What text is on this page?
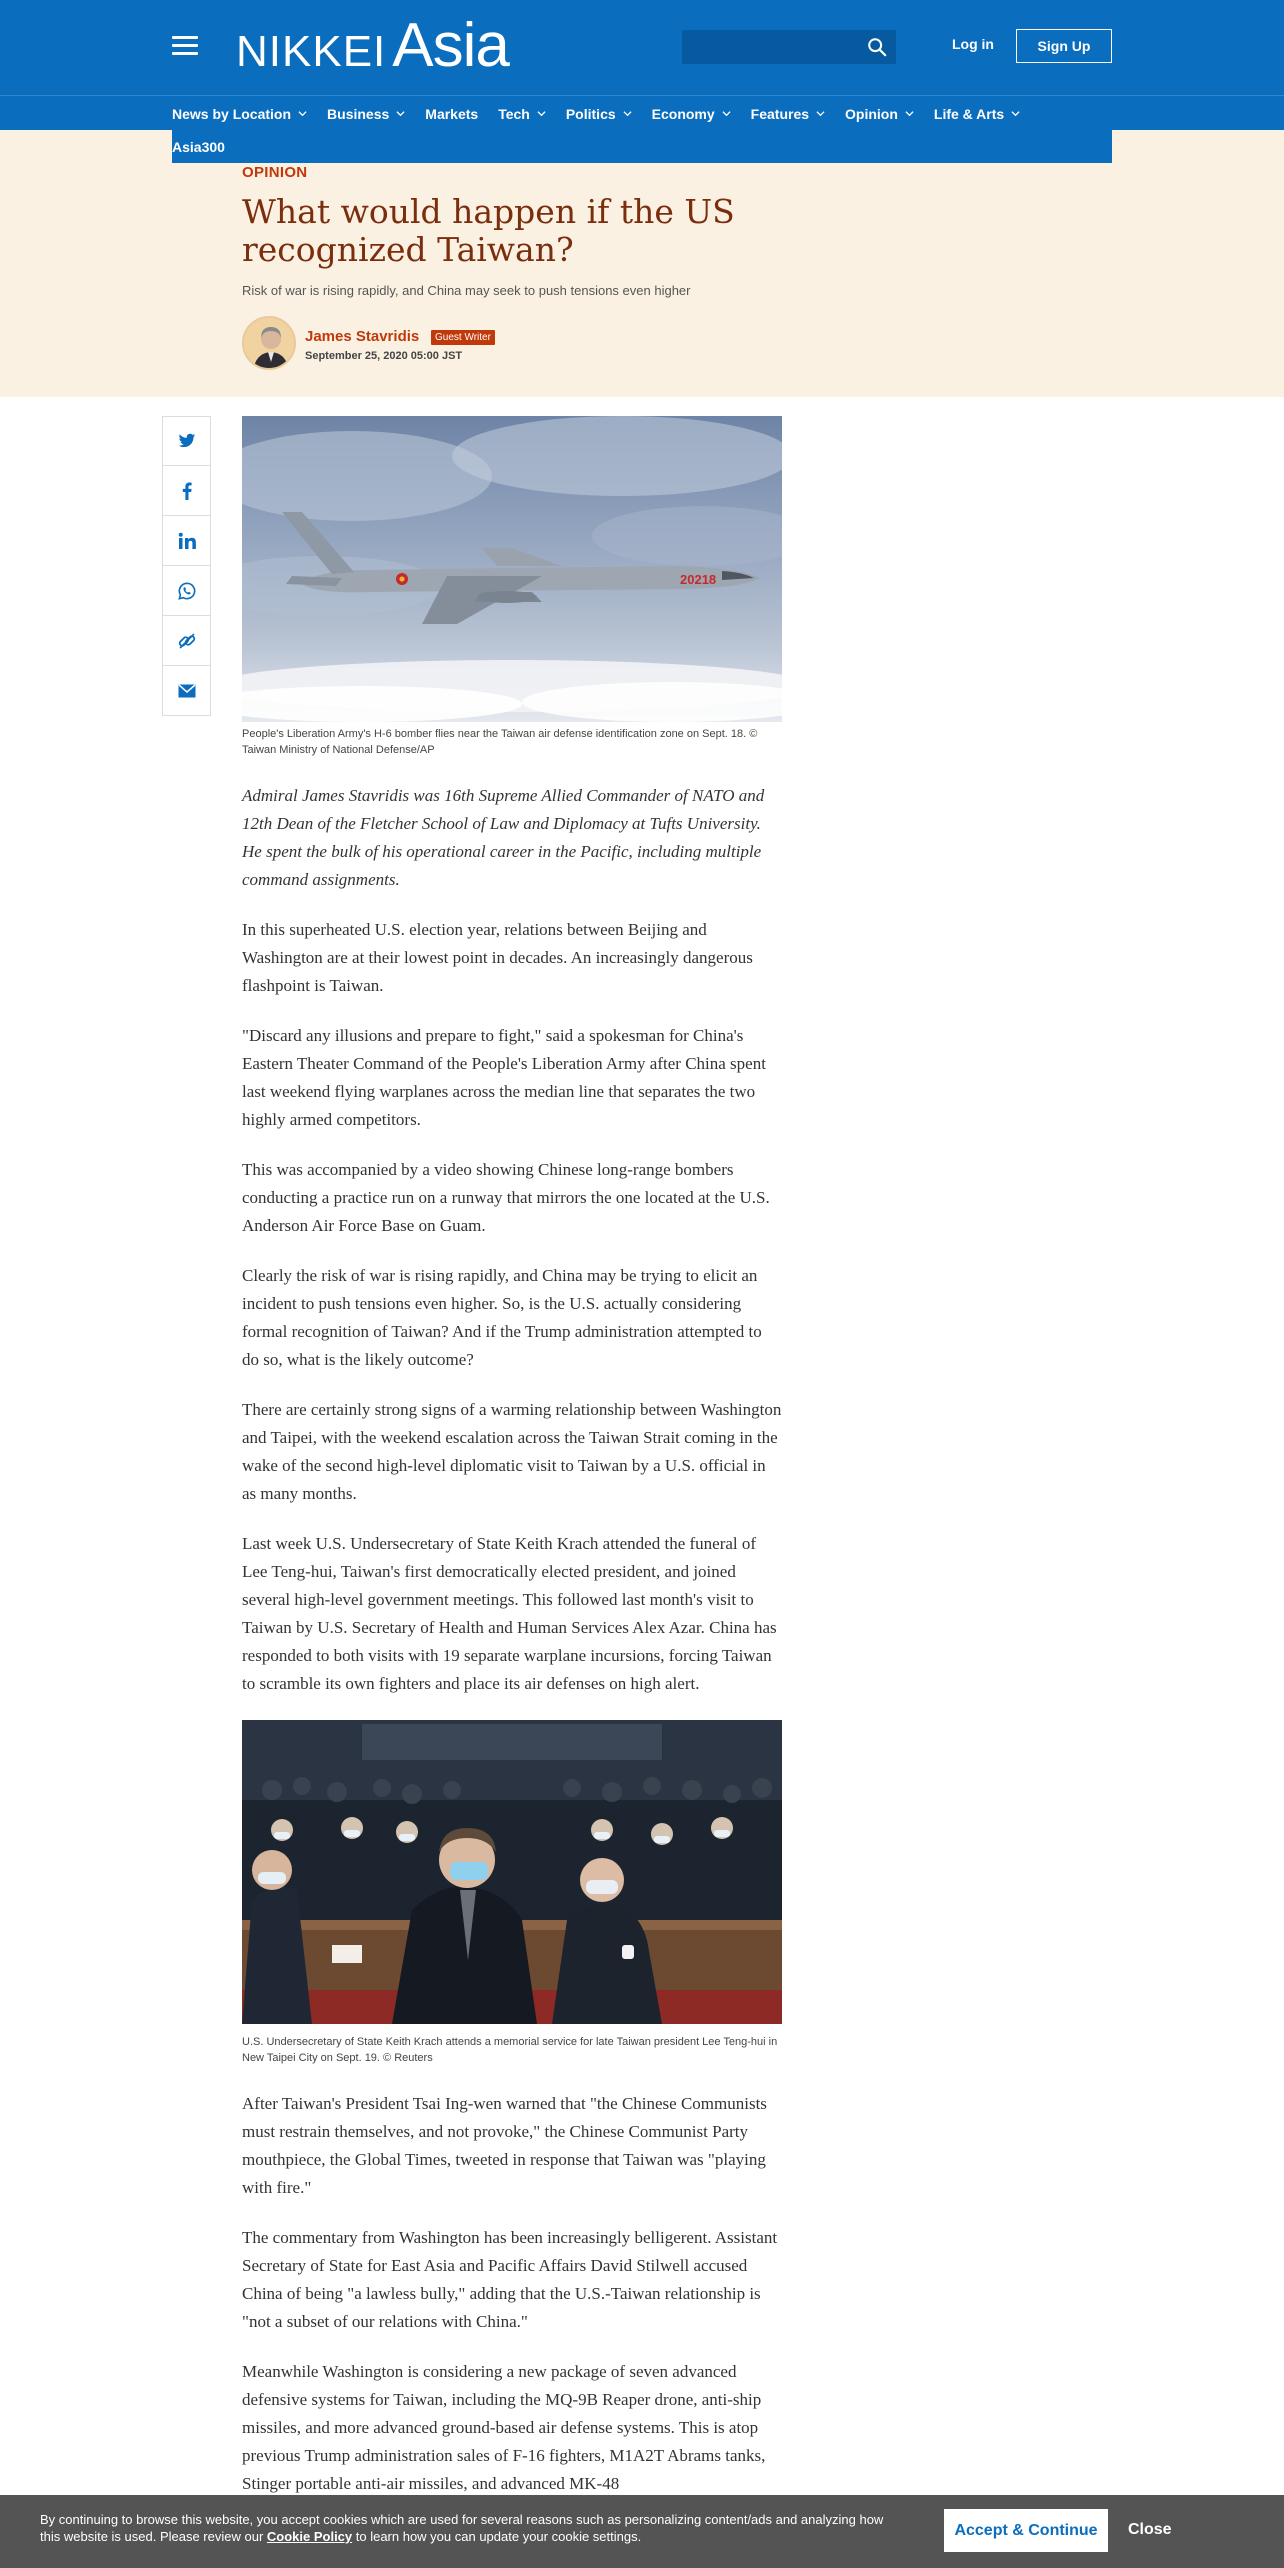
NIKKEI Asia	Log in	Sign Up
News by Location	Business	Markets Tech	Politics	Economy	Features	Opinion	Life & Arts
Asia300
OPINION
What would happen if the US recognized Taiwan?
Risk of war is rising rapidly, and China may seek to push tensions even higher
James Stavridis	Guest Writer
September 25, 2020 05:00 JST
20218
People's Liberation Army's H-6 bomber flies near the Taiwan air defense identification zone on Sept. 18. © Taiwan Ministry of National Defense/AP

Admiral James Stavridis was 16th Supreme Allied Commander of NATO and 12th Dean of the Fletcher School of Law and Diplomacy at Tufts University. He spent the bulk of his operational career in the Pacific, including multiple command assignments.

In this superheated U.S. election year, relations between Beijing and Washington are at their lowest point in decades. An increasingly dangerous flashpoint is Taiwan.

"Discard any illusions and prepare to fight," said a spokesman for China's Eastern Theater Command of the People's Liberation Army after China spent last weekend flying warplanes across the median line that separates the two highly armed competitors.

This was accompanied by a video showing Chinese long-range bombers conducting a practice run on a runway that mirrors the one located at the U.S. Anderson Air Force Base on Guam.

Clearly the risk of war is rising rapidly, and China may be trying to elicit an incident to push tensions even higher. So, is the U.S. actually considering formal recognition of Taiwan? And if the Trump administration attempted to do so, what is the likely outcome?

There are certainly strong signs of a warming relationship between Washington and Taipei, with the weekend escalation across the Taiwan Strait coming in the wake of the second high-level diplomatic visit to Taiwan by a U.S. official in as many months.

Last week U.S. Undersecretary of State Keith Krach attended the funeral of Lee Teng-hui, Taiwan's first democratically elected president, and joined several high-level government meetings. This followed last month's visit to Taiwan by U.S. Secretary of Health and Human Services Alex Azar. China has responded to both visits with 19 separate warplane incursions, forcing Taiwan to scramble its own fighters and place its air defenses on high alert.

U.S. Undersecretary of State Keith Krach attends a memorial service for late Taiwan president Lee Teng-hui in New Taipei City on Sept. 19. © Reuters

After Taiwan's President Tsai Ing-wen warned that "the Chinese Communists must restrain themselves, and not provoke," the Chinese Communist Party mouthpiece, the Global Times, tweeted in response that Taiwan was "playing with fire."

The commentary from Washington has been increasingly belligerent. Assistant Secretary of State for East Asia and Pacific Affairs David Stilwell accused China of being "a lawless bully," adding that the U.S.-Taiwan relationship is "not a subset of our relations with China."

Meanwhile Washington is considering a new package of seven advanced defensive systems for Taiwan, including the MQ-9B Reaper drone, anti-ship missiles, and more advanced ground-based air defense systems. This is atop previous Trump administration sales of F-16 fighters, M1A2T Abrams tanks, Stinger portable anti-air missiles, and advanced MK-48

By continuing to browse this website, you accept cookies which are used for several reasons such as personalizing content/ads and analyzing how this website is used. Please review our Cookie Policy to learn how you can update your cookie settings.	Accept & Continue	Close
